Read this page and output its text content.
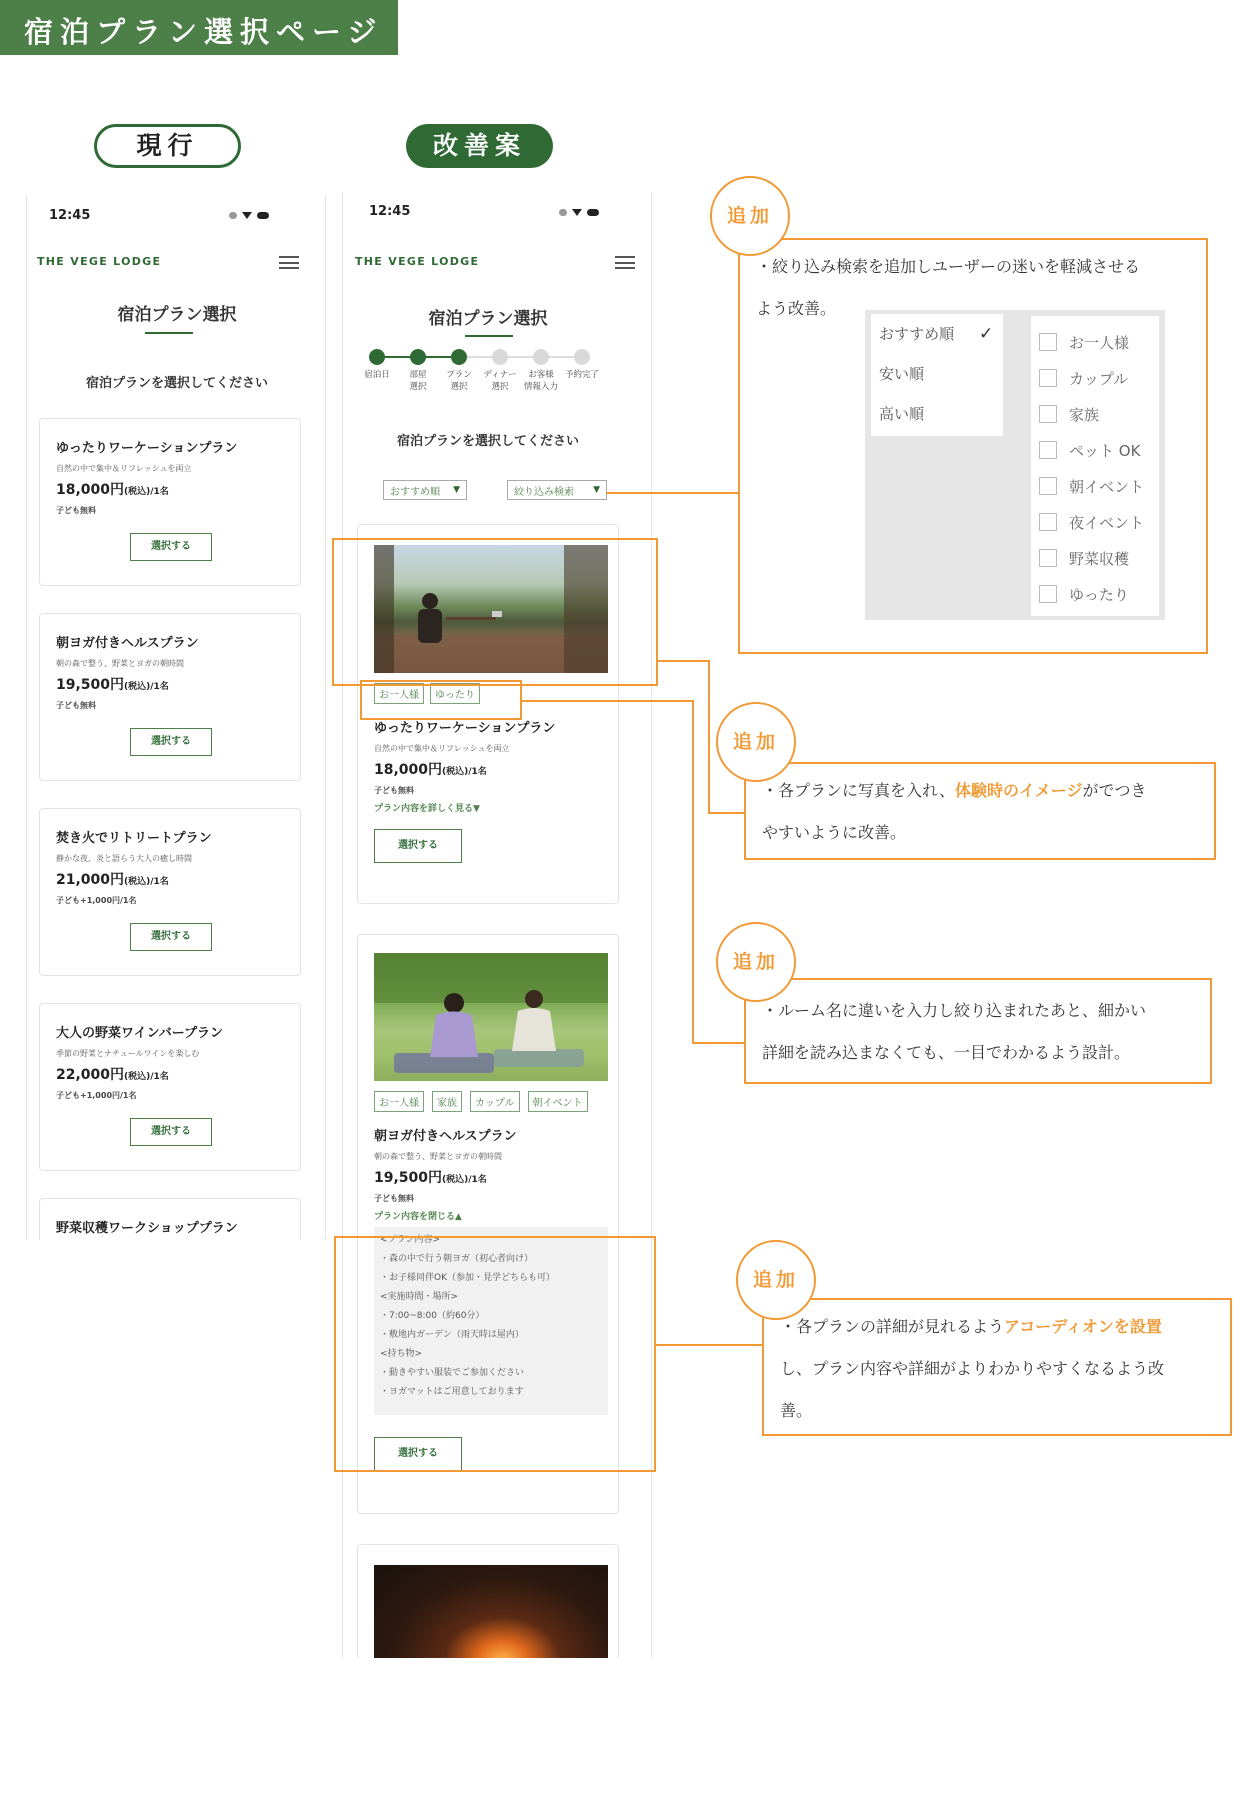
宿泊プラン選択ページ
現行	改善案
12:45
THE VEGE LODGE
宿泊プラン選択
宿泊プランを選択してください
ゆったりワーケーションプラン
自然の中で集中＆リフレッシュを両立
18,000円(税込)/1名
子ども無料
選択する
朝ヨガ付きヘルスプラン
朝の森で整う、野菜とヨガの朝時間
19,500円(税込)/1名
子ども無料
選択する
焚き火でリトリートプラン
静かな夜、炎と語らう大人の癒し時間
21,000円(税込)/1名
子ども+1,000円/1名
選択する
大人の野菜ワインバープラン
季節の野菜とナチュールワインを楽しむ
22,000円(税込)/1名
子ども+1,000円/1名
選択する
野菜収穫ワークショッププラン
12:45
THE VEGE LODGE
宿泊プラン選択
宿泊日	部屋
選択
プラン
選択
ディナー
選択
お客様
情報入力
予約完了
宿泊プランを選択してください
おすすめ順 ▼	絞り込み検索 ▼
お一人様	ゆったり
ゆったりワーケーションプラン
自然の中で集中＆リフレッシュを両立
18,000円(税込)/1名
子ども無料
プラン内容を詳しく見る▼
選択する
お一人様	家族	カップル	朝イベント
朝ヨガ付きヘルスプラン
朝の森で整う、野菜とヨガの朝時間
19,500円(税込)/1名
子ども無料
プラン内容を閉じる▲
<プラン内容>
・森の中で行う朝ヨガ（初心者向け）
・お子様同伴OK（参加・見学どちらも可）
<実施時間・場所>
・7:00~8:00（約60分）
・敷地内ガーデン（雨天時は屋内）
<持ち物>
・動きやすい服装でご参加ください
・ヨガマットはご用意しております
選択する
追加
・絞り込み検索を追加しユーザーの迷いを軽減させる
よう改善。
おすすめ順 ✓
安い順
高い順
お一人様
カップル
家族
ペット OK
朝イベント
夜イベント
野菜収穫
ゆったり
追加
・各プランに写真を入れ、体験時のイメージがでつき
やすいように改善。
追加
・ルーム名に違いを入力し絞り込まれたあと、細かい
詳細を読み込まなくても、一目でわかるよう設計。
追加
・各プランの詳細が見れるようアコーディオンを設置
し、プラン内容や詳細がよりわかりやすくなるよう改
善。
